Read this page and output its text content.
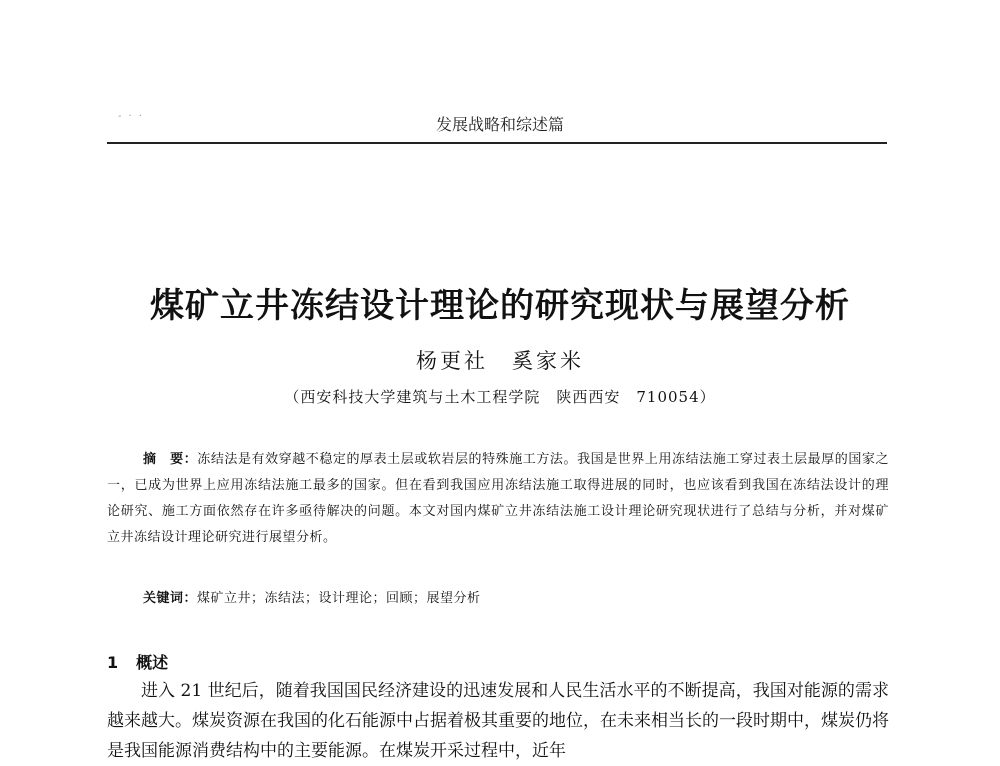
- · ·	发展战略和综述篇
煤矿立井冻结设计理论的研究现状与展望分析
杨更社　奚家米
（西安科技大学建筑与土木工程学院　陕西西安　710054）
摘　要：冻结法是有效穿越不稳定的厚表土层或软岩层的特殊施工方法。我国是世界上用冻结法施工穿过表土层最厚的国家之一，已成为世界上应用冻结法施工最多的国家。但在看到我国应用冻结法施工取得进展的同时，也应该看到我国在冻结法设计的理论研究、施工方面依然存在许多亟待解决的问题。本文对国内煤矿立井冻结法施工设计理论研究现状进行了总结与分析，并对煤矿立井冻结设计理论研究进行展望分析。
关键词：煤矿立井；冻结法；设计理论；回顾；展望分析
1 概述

进入 21 世纪后，随着我国国民经济建设的迅速发展和人民生活水平的不断提高，我国对能源的需求越来越大。煤炭资源在我国的化石能源中占据着极其重要的地位，在未来相当长的一段时期中，煤炭仍将是我国能源消费结构中的主要能源。在煤炭开采过程中，近年
